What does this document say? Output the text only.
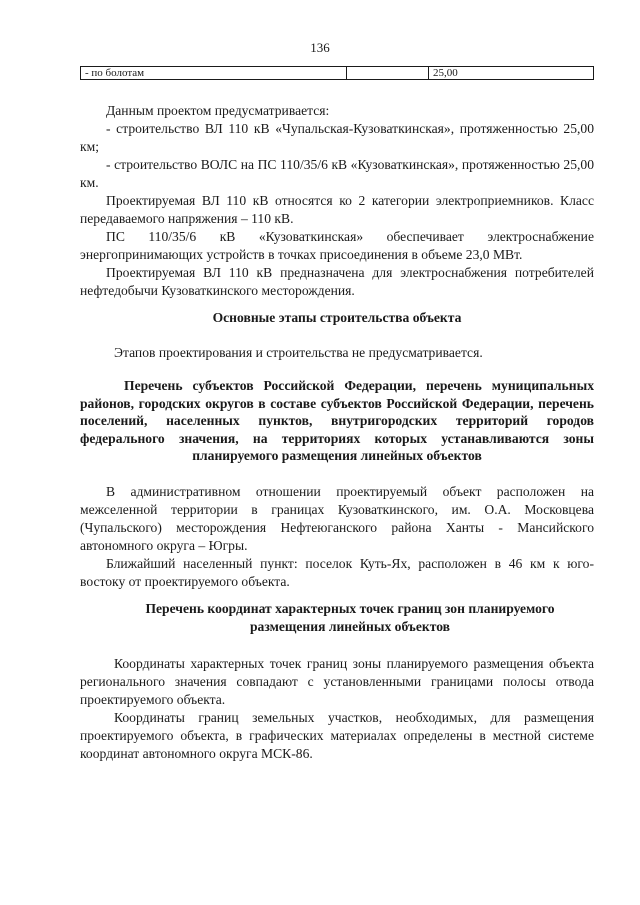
136
- по болотам	25,00

Данным проектом предусматривается:

- строительство ВЛ 110 кВ «Чупальская-Кузоваткинская», протяженностью 25,00 км;

- строительство ВОЛС на ПС 110/35/6 кВ «Кузоваткинская», протяженностью 25,00 км.

Проектируемая ВЛ 110 кВ относятся ко 2 категории электроприемников. Класс передаваемого напряжения – 110 кВ.

ПС 110/35/6 кВ «Кузоваткинская» обеспечивает электроснабжение энергопринимающих устройств в точках присоединения в объеме 23,0 МВт.

Проектируемая ВЛ 110 кВ предназначена для электроснабжения потребителей нефтедобычи Кузоваткинского месторождения.

Основные этапы строительства объекта

Этапов проектирования и строительства не предусматривается.

Перечень субъектов Российской Федерации, перечень муниципальных районов, городских округов в составе субъектов Российской Федерации, перечень поселений, населенных пунктов, внутригородских территорий городов федерального значения, на территориях которых устанавливаются зоны планируемого размещения линейных объектов

В административном отношении проектируемый объект расположен на межселенной территории в границах Кузоваткинского, им. О.А. Московцева (Чупальского) месторождения Нефтеюганского района Ханты - Мансийского автономного округа – Югры.

Ближайший населенный пункт: поселок Куть-Ях, расположен в 46 км к юго-востоку от проектируемого объекта.

Перечень координат характерных точек границ зон планируемого размещения линейных объектов

Координаты характерных точек границ зоны планируемого размещения объекта регионального значения совпадают с установленными границами полосы отвода проектируемого объекта.

Координаты границ земельных участков, необходимых, для размещения проектируемого объекта, в графических материалах определены в местной системе координат автономного округа МСК-86.
